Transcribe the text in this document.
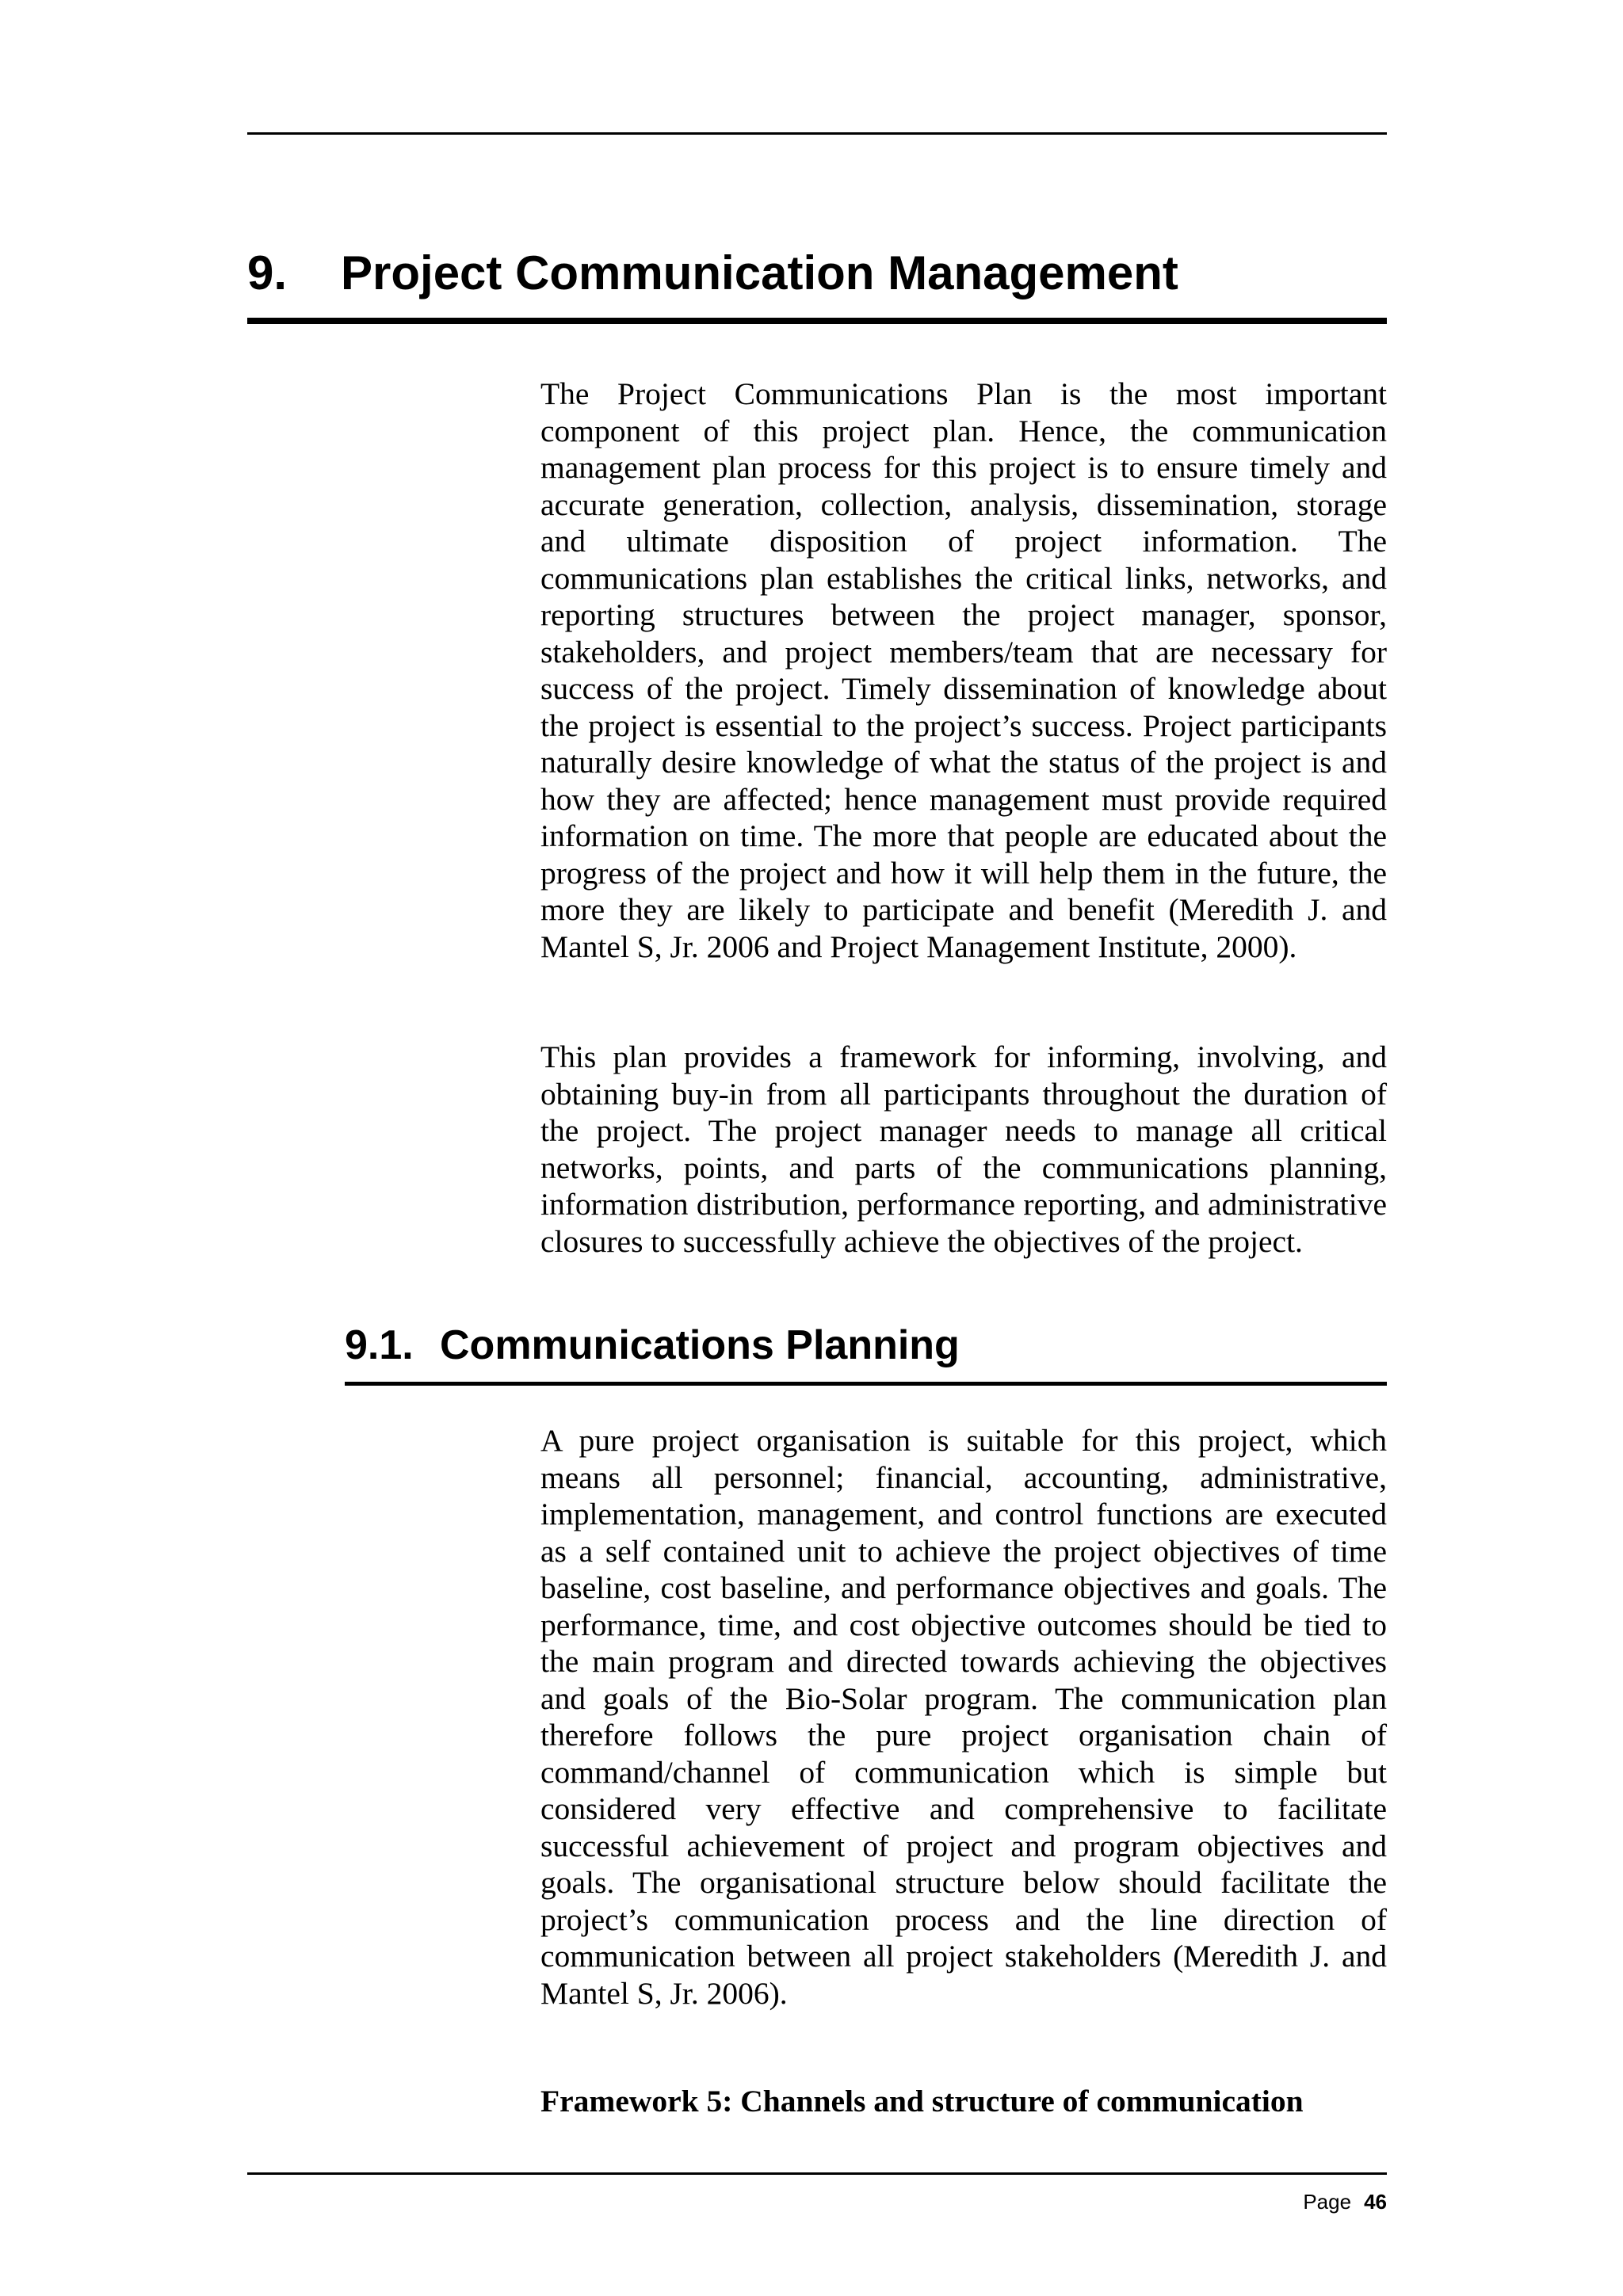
9. Project Communication Management

The Project Communications Plan is the most important component of this project plan. Hence, the communication management plan process for this project is to ensure timely and accurate generation, collection, analysis, dissemination, storage and ultimate disposition of project information. The communications plan establishes the critical links, networks, and reporting structures between the project manager, sponsor, stakeholders, and project members/team that are necessary for success of the project. Timely dissemination of knowledge about the project is essential to the project’s success. Project participants naturally desire knowledge of what the status of the project is and how they are affected; hence management must provide required information on time. The more that people are educated about the progress of the project and how it will help them in the future, the more they are likely to participate and benefit (Meredith J. and Mantel S, Jr. 2006 and Project Management Institute, 2000).

This plan provides a framework for informing, involving, and obtaining buy-in from all participants throughout the duration of the project. The project manager needs to manage all critical networks, points, and parts of the communications planning, information distribution, performance reporting, and administrative closures to successfully achieve the objectives of the project.

9.1. Communications Planning

A pure project organisation is suitable for this project, which means all personnel; financial, accounting, administrative, implementation, management, and control functions are executed as a self contained unit to achieve the project objectives of time baseline, cost baseline, and performance objectives and goals. The performance, time, and cost objective outcomes should be tied to the main program and directed towards achieving the objectives and goals of the Bio-Solar program. The communication plan therefore follows the pure project organisation chain of command/channel of communication which is simple but considered very effective and comprehensive to facilitate successful achievement of project and program objectives and goals. The organisational structure below should facilitate the project’s communication process and the line direction of communication between all project stakeholders (Meredith J. and Mantel S, Jr. 2006).

Framework 5: Channels and structure of communication

Page 46
